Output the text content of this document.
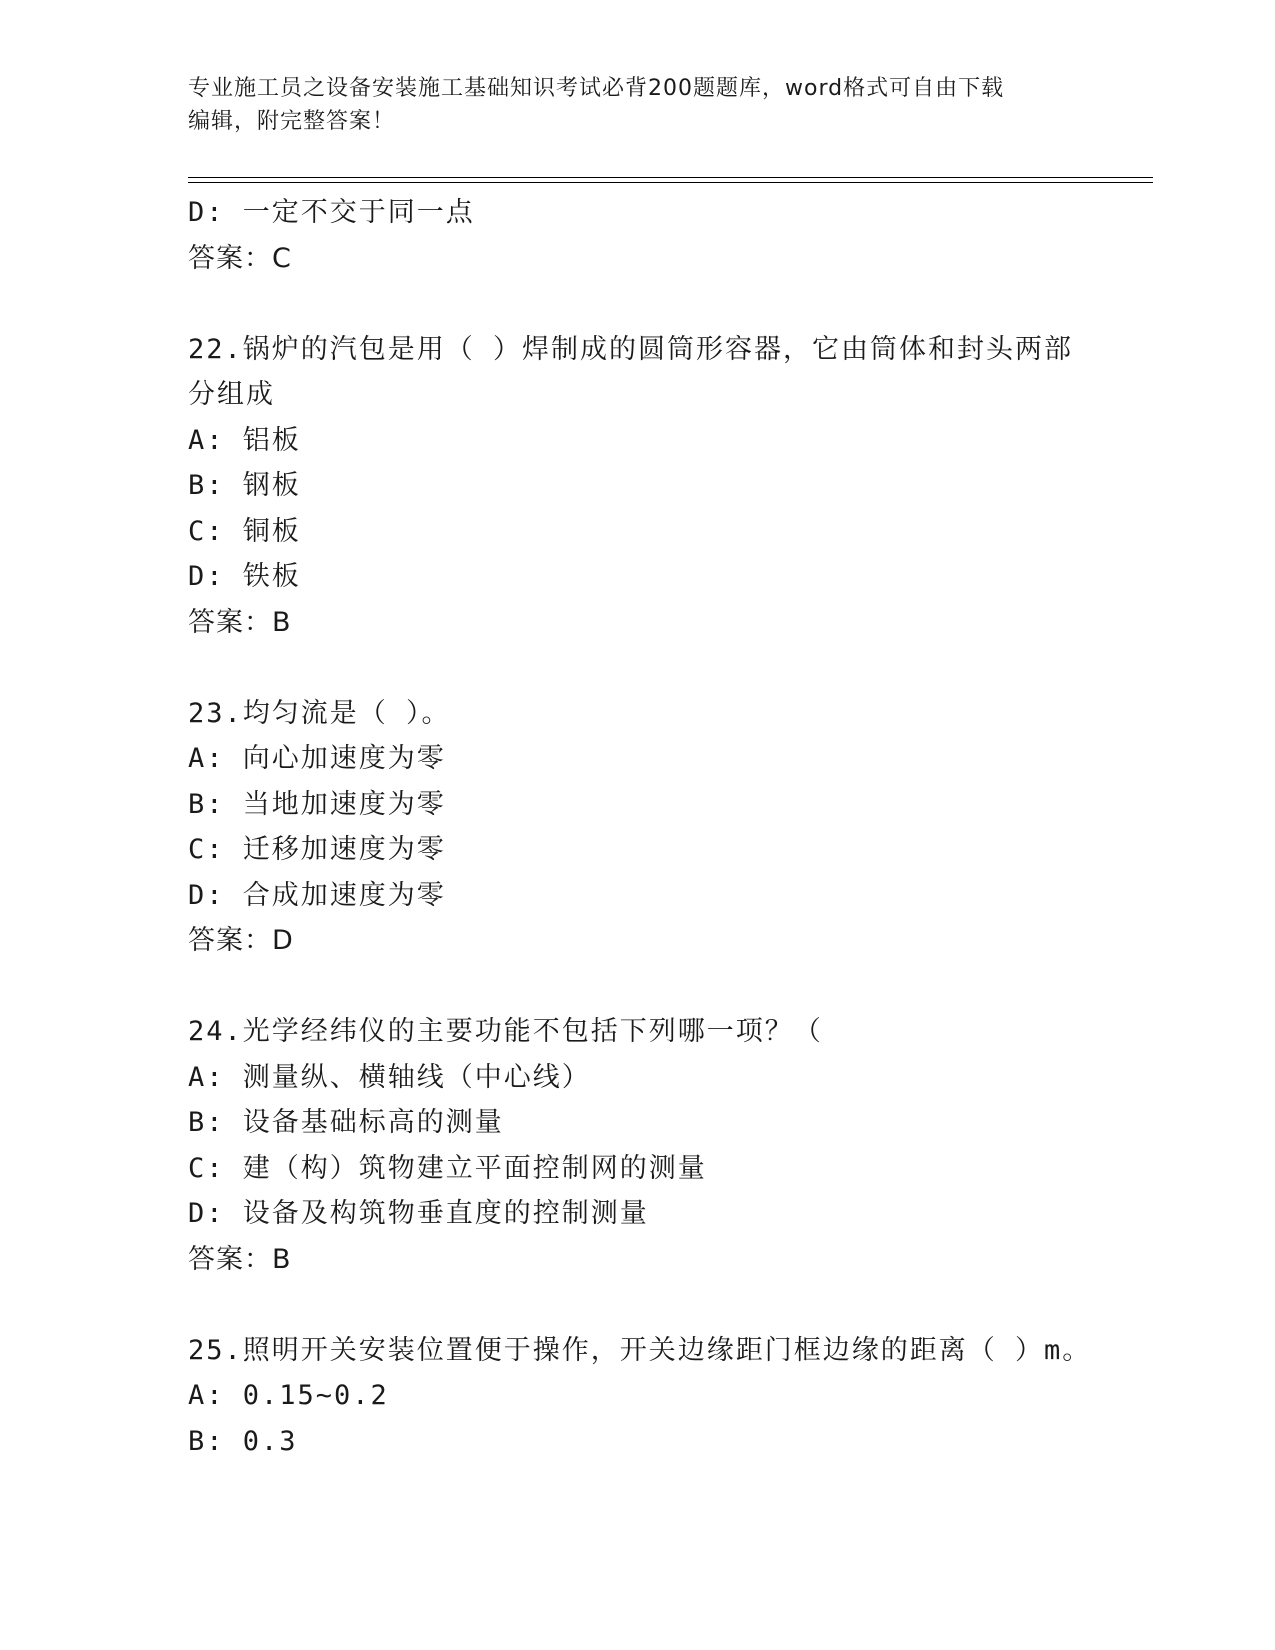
专业施工员之设备安装施工基础知识考试必背200题题库，word格式可自由下载
编辑，附完整答案！
D: 一定不交于同一点
答案：C
22.锅炉的汽包是用（ ）焊制成的圆筒形容器，它由筒体和封头两部
分组成
A: 铝板
B: 钢板
C: 铜板
D: 铁板
答案：B
23.均匀流是（ ）。
A: 向心加速度为零
B: 当地加速度为零
C: 迁移加速度为零
D: 合成加速度为零
答案：D
24.光学经纬仪的主要功能不包括下列哪一项？（
A: 测量纵、横轴线（中心线）
B: 设备基础标高的测量
C: 建（构）筑物建立平面控制网的测量
D: 设备及构筑物垂直度的控制测量
答案：B
25.照明开关安装位置便于操作，开关边缘距门框边缘的距离（ ）m。
A: 0.15~0.2
B: 0.3
